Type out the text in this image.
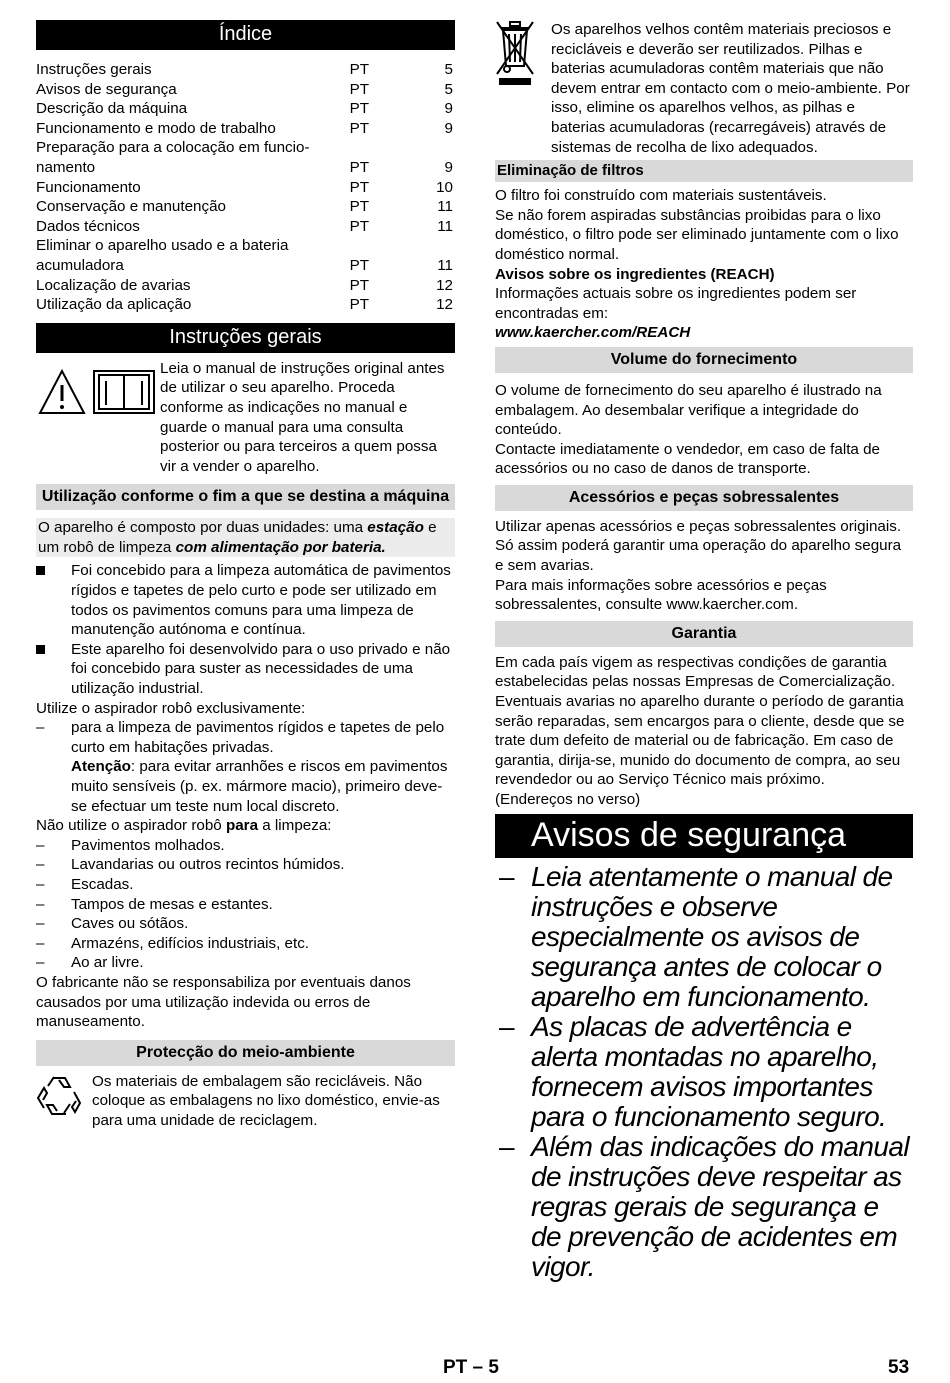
Índice
Instruções gerais	PT	5
Avisos de segurança	PT	5
Descrição da máquina	PT	9
Funcionamento e modo de trabalho	PT	9
Preparação para a colocação em funcio-
namento	PT	9
Funcionamento	PT	10
Conservação e manutenção	PT	11
Dados técnicos	PT	11
Eliminar o aparelho usado e a bateria
acumuladora	PT	11
Localização de avarias	PT	12
Utilização da aplicação	PT	12
Instruções gerais

Leia o manual de instruções original antes de utilizar o seu aparelho. Proceda conforme as indicações no manual e guarde o manual para uma consulta posterior ou para terceiros a quem possa vir a vender o aparelho.

Utilização conforme o fim a que se destina a máquina

O aparelho é composto por duas unidades: uma estação e um robô de limpeza com alimentação por bateria.

Foi concebido para a limpeza automática de pavimentos rígidos e tapetes de pelo curto e pode ser utilizado em todos os pavimentos comuns para uma limpeza de manutenção autónoma e contínua.
Este aparelho foi desenvolvido para o uso privado e não foi concebido para suster as necessidades de uma utilização industrial.

Utilize o aspirador robô exclusivamente:

– para a limpeza de pavimentos rígidos e tapetes de pelo curto em habitações privadas.
Atenção: para evitar arranhões e riscos em pavimentos muito sensíveis (p. ex. mármore macio), primeiro deve-se efectuar um teste num local discreto.

Não utilize o aspirador robô para a limpeza:

– Pavimentos molhados.
– Lavandarias ou outros recintos húmidos.
– Escadas.
– Tampos de mesas e estantes.
– Caves ou sótãos.
– Armazéns, edifícios industriais, etc.
– Ao ar livre.

O fabricante não se responsabiliza por eventuais danos causados por uma utilização indevida ou erros de manuseamento.

Protecção do meio-ambiente

Os materiais de embalagem são recicláveis. Não coloque as embalagens no lixo doméstico, envie-as para uma unidade de reciclagem.

Os aparelhos velhos contêm materiais preciosos e recicláveis e deverão ser reutilizados. Pilhas e baterias acumuladoras contêm materiais que não devem entrar em contacto com o meio-ambiente. Por isso, elimine os aparelhos velhos, as pilhas e baterias acumuladoras (recarregáveis) através de sistemas de recolha de lixo adequados.

Eliminação de filtros

O filtro foi construído com materiais sustentáveis.

Se não forem aspiradas substâncias proibidas para o lixo doméstico, o filtro pode ser eliminado juntamente com o lixo doméstico normal.

Avisos sobre os ingredientes (REACH)

Informações actuais sobre os ingredientes podem ser encontradas em:

www.kaercher.com/REACH

Volume do fornecimento

O volume de fornecimento do seu aparelho é ilustrado na embalagem. Ao desembalar verifique a integridade do conteúdo.

Contacte imediatamente o vendedor, em caso de falta de acessórios ou no caso de danos de transporte.

Acessórios e peças sobressalentes

Utilizar apenas acessórios e peças sobressalentes originais. Só assim poderá garantir uma operação do aparelho segura e sem avarias.

Para mais informações sobre acessórios e peças sobressalentes, consulte www.kaercher.com.

Garantia

Em cada país vigem as respectivas condições de garantia estabelecidas pelas nossas Empresas de Comercialização. Eventuais avarias no aparelho durante o período de garantia serão reparadas, sem encargos para o cliente, desde que se trate dum defeito de material ou de fabricação. Em caso de garantia, dirija-se, munido do documento de compra, ao seu revendedor ou ao Serviço Técnico mais próximo.

(Endereços no verso)

Avisos de segurança
– Leia atentamente o manual de instruções e observe especialmente os avisos de segurança antes de colocar o aparelho em funcionamento.
– As placas de advertência e alerta montadas no aparelho, fornecem avisos importantes para o funcionamento seguro.
– Além das indicações do manual de instruções deve respeitar as regras gerais de segurança e de prevenção de acidentes em vigor.
PT – 5	53
